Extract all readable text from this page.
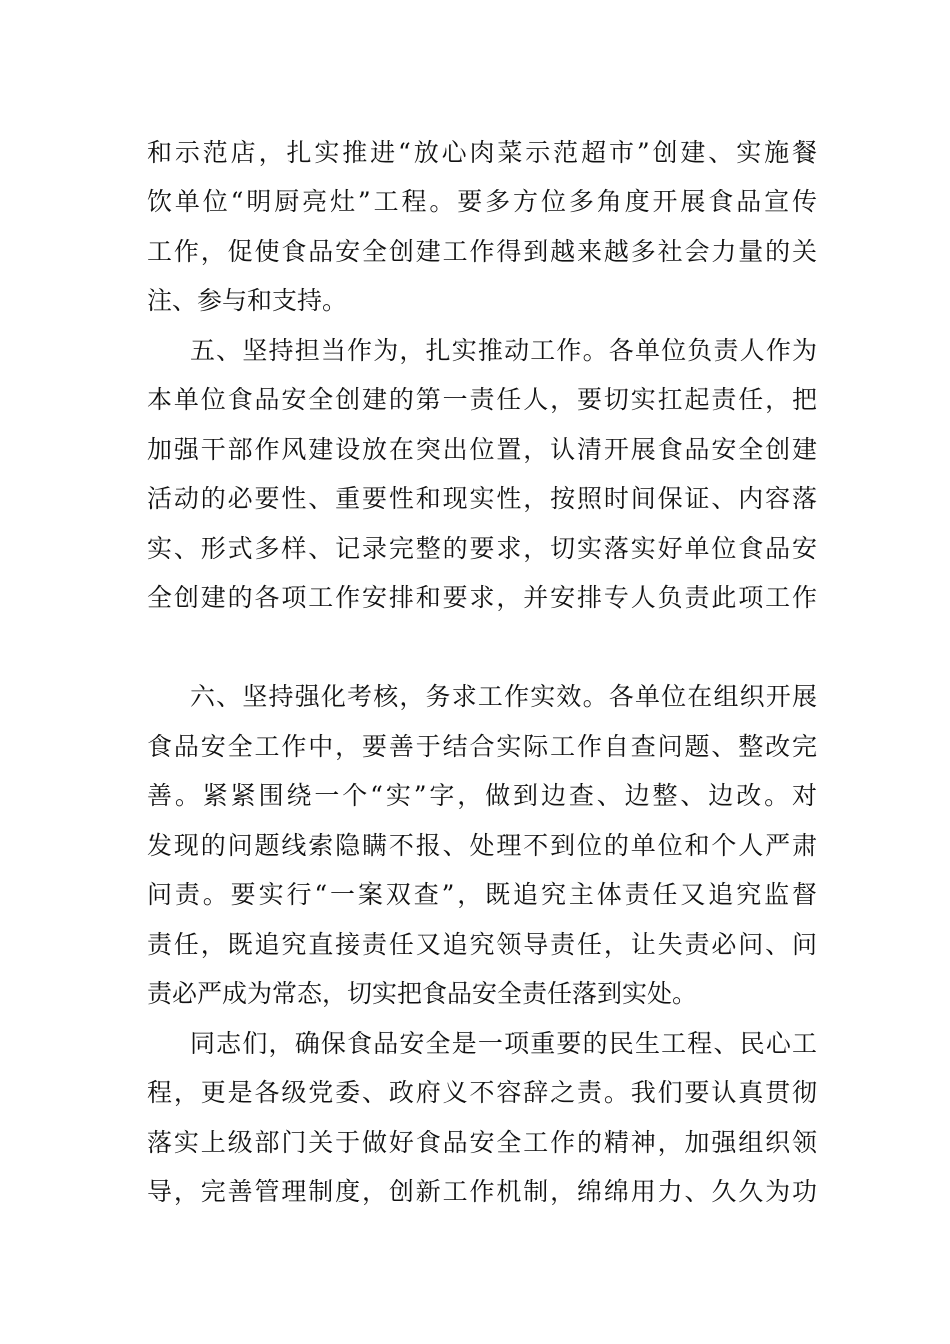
和示范店，扎实推进“放心肉菜示范超市”创建、实施餐
饮单位“明厨亮灶”工程。要多方位多角度开展食品宣传
工作，促使食品安全创建工作得到越来越多社会力量的关
注、参与和支持。
五、坚持担当作为，扎实推动工作。各单位负责人作为
本单位食品安全创建的第一责任人，要切实扛起责任，把
加强干部作风建设放在突出位置，认清开展食品安全创建
活动的必要性、重要性和现实性，按照时间保证、内容落
实、形式多样、记录完整的要求，切实落实好单位食品安
全创建的各项工作安排和要求，并安排专人负责此项工作
六、坚持强化考核，务求工作实效。各单位在组织开展
食品安全工作中，要善于结合实际工作自查问题、整改完
善。紧紧围绕一个“实”字，做到边查、边整、边改。对
发现的问题线索隐瞒不报、处理不到位的单位和个人严肃
问责。要实行“一案双查”，既追究主体责任又追究监督
责任，既追究直接责任又追究领导责任，让失责必问、问
责必严成为常态，切实把食品安全责任落到实处。
同志们，确保食品安全是一项重要的民生工程、民心工
程，更是各级党委、政府义不容辞之责。我们要认真贯彻
落实上级部门关于做好食品安全工作的精神，加强组织领
导，完善管理制度，创新工作机制，绵绵用力、久久为功
